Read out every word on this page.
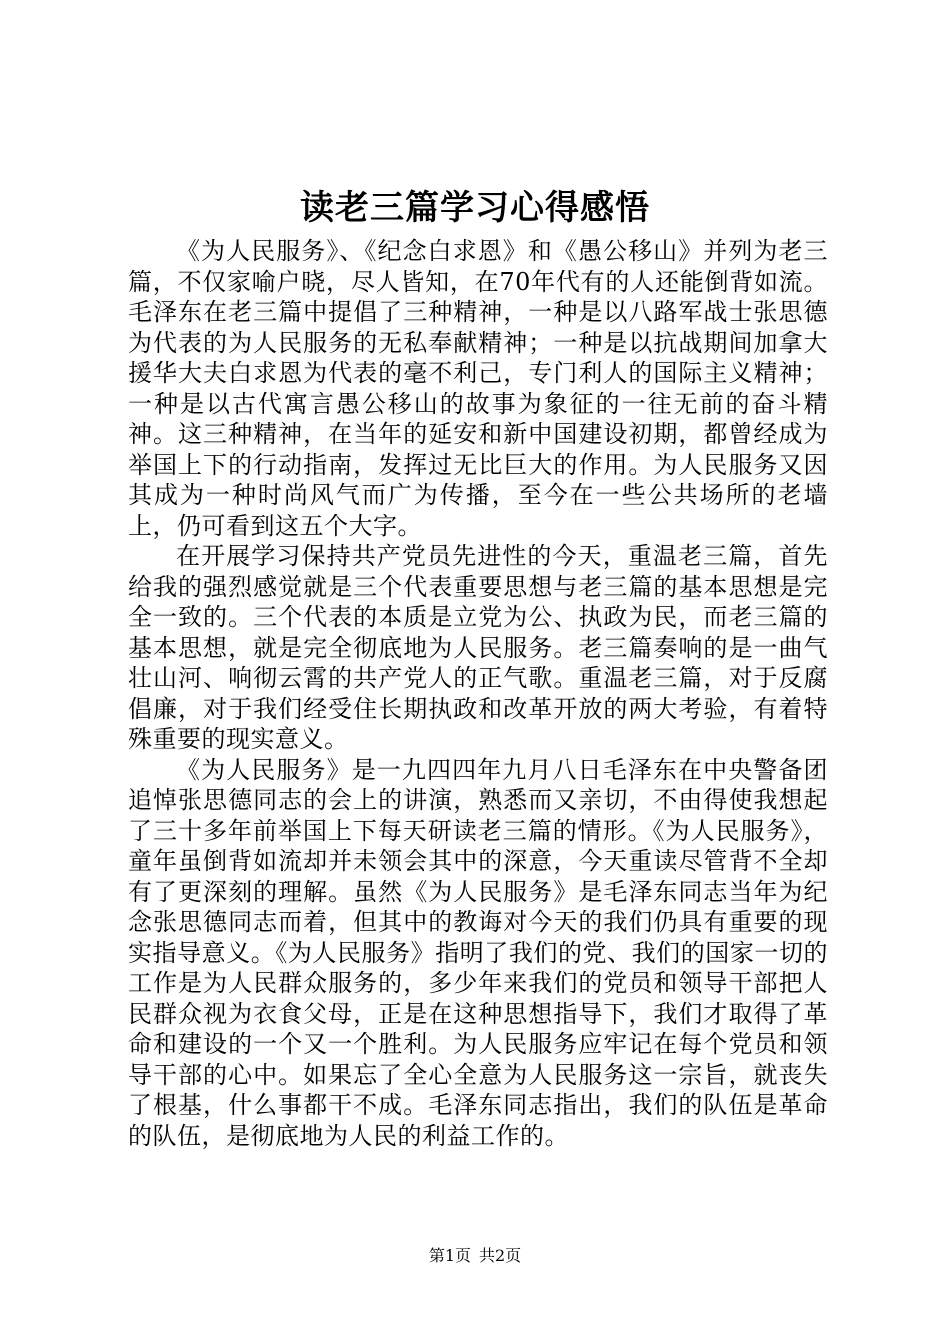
读老三篇学习心得感悟

《为人民服务》、《纪念白求恩》和《愚公移山》并列为老三篇，不仅家喻户晓，尽人皆知，在70年代有的人还能倒背如流。毛泽东在老三篇中提倡了三种精神，一种是以八路军战士张思德为代表的为人民服务的无私奉献精神；一种是以抗战期间加拿大援华大夫白求恩为代表的毫不利己，专门利人的国际主义精神；一种是以古代寓言愚公移山的故事为象征的一往无前的奋斗精神。这三种精神，在当年的延安和新中国建设初期，都曾经成为举国上下的行动指南，发挥过无比巨大的作用。为人民服务又因其成为一种时尚风气而广为传播，至今在一些公共场所的老墙上，仍可看到这五个大字。

在开展学习保持共产党员先进性的今天，重温老三篇，首先给我的强烈感觉就是三个代表重要思想与老三篇的基本思想是完全一致的。三个代表的本质是立党为公、执政为民，而老三篇的基本思想，就是完全彻底地为人民服务。老三篇奏响的是一曲气壮山河、响彻云霄的共产党人的正气歌。重温老三篇，对于反腐倡廉，对于我们经受住长期执政和改革开放的两大考验，有着特殊重要的现实意义。

《为人民服务》是一九四四年九月八日毛泽东在中央警备团追悼张思德同志的会上的讲演，熟悉而又亲切，不由得使我想起了三十多年前举国上下每天研读老三篇的情形。《为人民服务》，童年虽倒背如流却并未领会其中的深意，今天重读尽管背不全却有了更深刻的理解。虽然《为人民服务》是毛泽东同志当年为纪念张思德同志而着，但其中的教诲对今天的我们仍具有重要的现实指导意义。《为人民服务》指明了我们的党、我们的国家一切的工作是为人民群众服务的，多少年来我们的党员和领导干部把人民群众视为衣食父母，正是在这种思想指导下，我们才取得了革命和建设的一个又一个胜利。为人民服务应牢记在每个党员和领导干部的心中。如果忘了全心全意为人民服务这一宗旨，就丧失了根基，什么事都干不成。毛泽东同志指出，我们的队伍是革命的队伍，是彻底地为人民的利益工作的。

第1页 共2页
